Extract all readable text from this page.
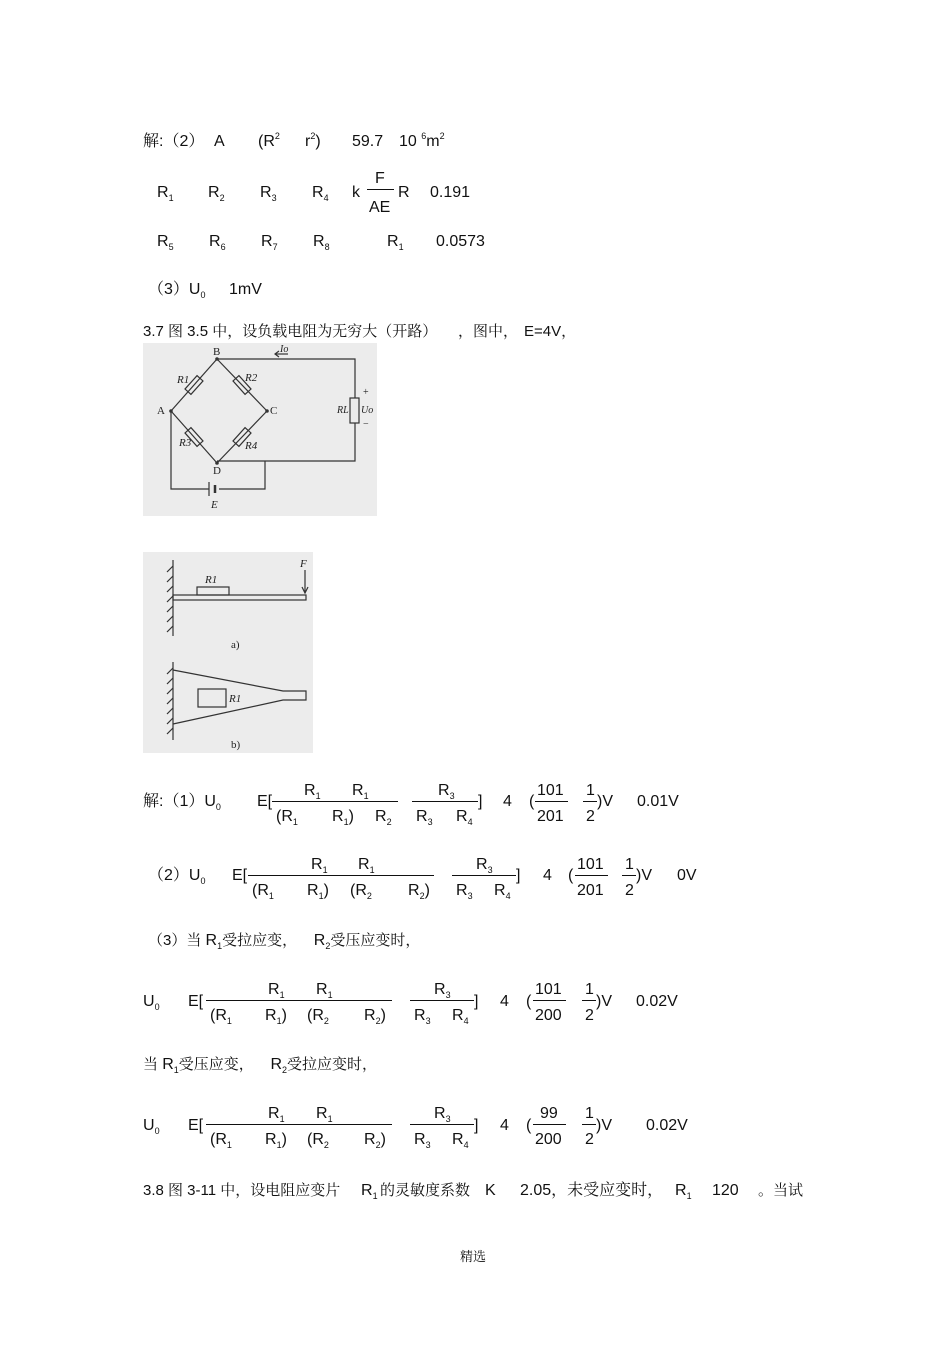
解:（2） A ($R^2$ $r^2$) 59.7 10 $^6m^2$
$R_1$ $R_2$ $R_3$ $R_4$ k
F
AE
R 0.191
$R_5$ $R_6$ $R_7$ $R_8$	$R_1$ 0.0573
$(3)U_0$ 1mV
3.7 图 3.5 中，设负载电阻为无穷大（开路） ，图中， E=4V，
B
A	C
D
R1	R2
R3	R4
RL Uo
Io
+
−
E
R1
F
a)
R1
b)
解$:(1)U_0$ E[
$R_1$ $R_1$
($R_1$ $R_1$) $R_2$
$R_3$
$R_3$ $R_4$
] 4 (
101
201
1
2
)V 0.01V
$(2)U_0$ E[
$R_1$ $R_1$
($R_1$ $R_1$) ($R_2$ $R_2$)
$R_3$
$R_3$ $R_4$
] 4 (
101
201
1
2
)V 0V
（3）当 $R_1$受拉应变， $R_2$受压应变时，
$U_0$ E[
$R_1$ $R_1$
($R_1$ $R_1$) ($R_2$ $R_2$)
$R_3$
$R_3$ $R_4$
] 4 (
101
200
1
2
)V 0.02V
当 $R_1$受压应变， $R_2$受拉应变时，
$U_0$ E[
$R_1$ $R_1$
($R_1$ $R_1$) ($R_2$ $R_2$)
$R_3$
$R_3$ $R_4$
] 4 (
99
200
1
2
)V 0.02V
3.8 图 3-11 中，设电阻应变片 $R_1$ 的灵敏度系数 K 2.05，未受应变时， $R_1$ 120 。当试
精选
